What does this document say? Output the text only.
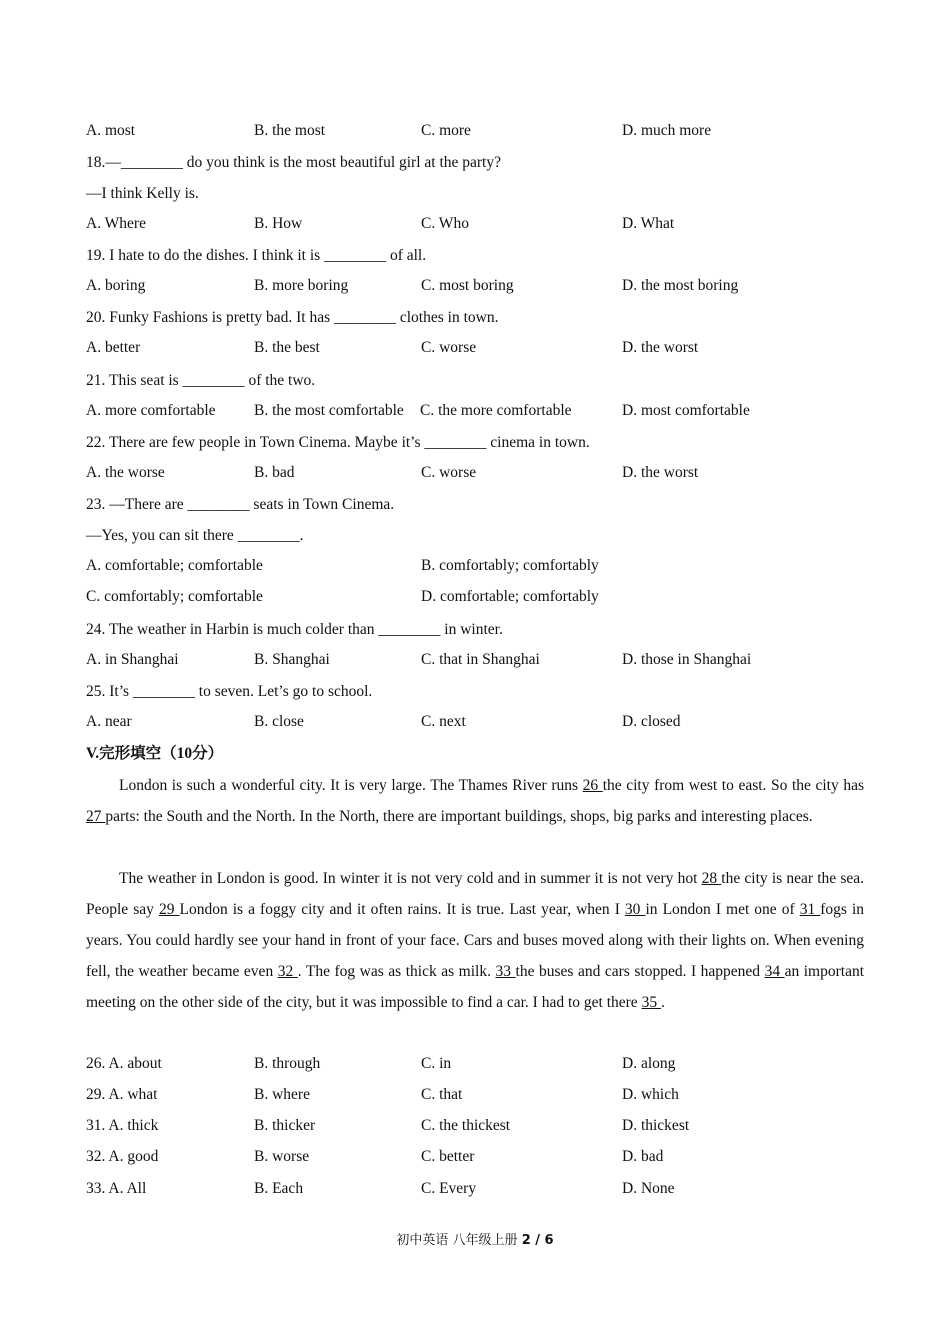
A. most	B. the most	C. more	D. much more
18.—________ do you think is the most beautiful girl at the party?
—I think Kelly is.
A. Where	B. How	C. Who	D. What
19. I hate to do the dishes. I think it is ________ of all.
A. boring	B. more boring	C. most boring	D. the most boring
20. Funky Fashions is pretty bad. It has ________ clothes in town.
A. better	B. the best	C. worse	D. the worst
21. This seat is ________ of the two.
A. more comfortable B. the most comfortable C. the more comfortable	D. most comfortable
22. There are few people in Town Cinema. Maybe it’s ________ cinema in town.
A. the worse	B. bad	C. worse	D. the worst
23. —There are ________ seats in Town Cinema.
—Yes, you can sit there ________.
A. comfortable; comfortable	B. comfortably; comfortably
C. comfortably; comfortable	D. comfortable; comfortably
24. The weather in Harbin is much colder than ________ in winter.
A. in Shanghai	B. Shanghai	C. that in Shanghai	D. those in Shanghai
25. It’s ________ to seven. Let’s go to school.
A. near	B. close	C. next	D. closed
V.完形填空（10分）
London is such a wonderful city. It is very large. The Thames River runs 26 the city from west to east. So the city has 27 parts: the South and the North. In the North, there are important buildings, shops, big parks and interesting places.
The weather in London is good. In winter it is not very cold and in summer it is not very hot 28 the city is near the sea. People say 29 London is a foggy city and it often rains. It is true. Last year, when I 30 in London I met one of 31 fogs in years. You could hardly see your hand in front of your face. Cars and buses moved along with their lights on. When evening fell, the weather became even 32 . The fog was as thick as milk. 33 the buses and cars stopped. I happened 34 an important meeting on the other side of the city, but it was impossible to find a car. I had to get there 35 .
26. A. about	B. through	C. in	D. along
29. A. what	B. where	C. that	D. which
31. A. thick	B. thicker	C. the thickest	D. thickest
32. A. good	B. worse	C. better	D. bad
33. A. All	B. Each	C. Every	D. None
初中英语 八年级上册 2 / 6
